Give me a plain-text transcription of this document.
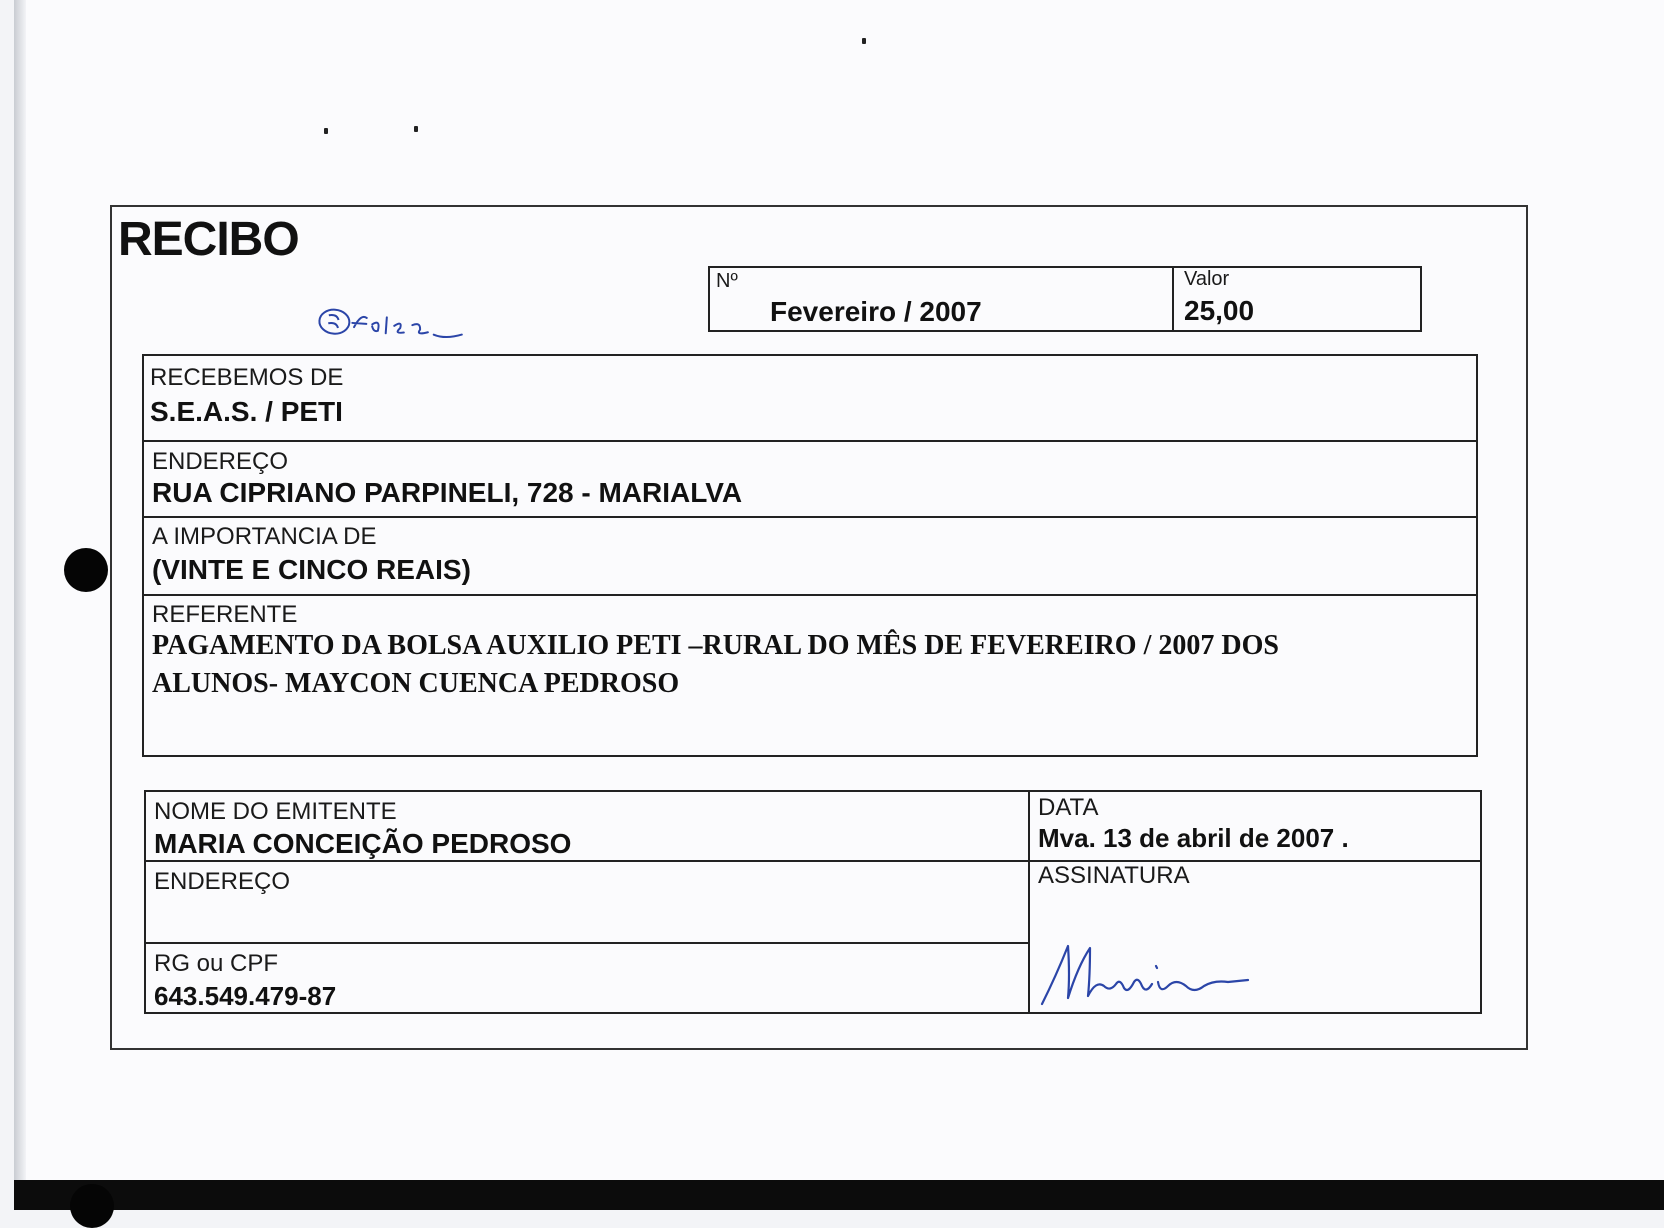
RECIBO
Nº
Fevereiro / 2007
Valor
25,00
RECEBEMOS DE
S.E.A.S. / PETI
ENDEREÇO
RUA CIPRIANO PARPINELI, 728 - MARIALVA
A IMPORTANCIA DE
(VINTE E CINCO REAIS)
REFERENTE
PAGAMENTO DA BOLSA AUXILIO PETI –RURAL DO MÊS DE FEVEREIRO / 2007 DOS
ALUNOS- MAYCON CUENCA PEDROSO
NOME DO EMITENTE
MARIA CONCEIÇÃO PEDROSO
DATA
Mva. 13 de abril de 2007 .
ENDEREÇO	ASSINATURA
RG ou CPF
643.549.479-87
